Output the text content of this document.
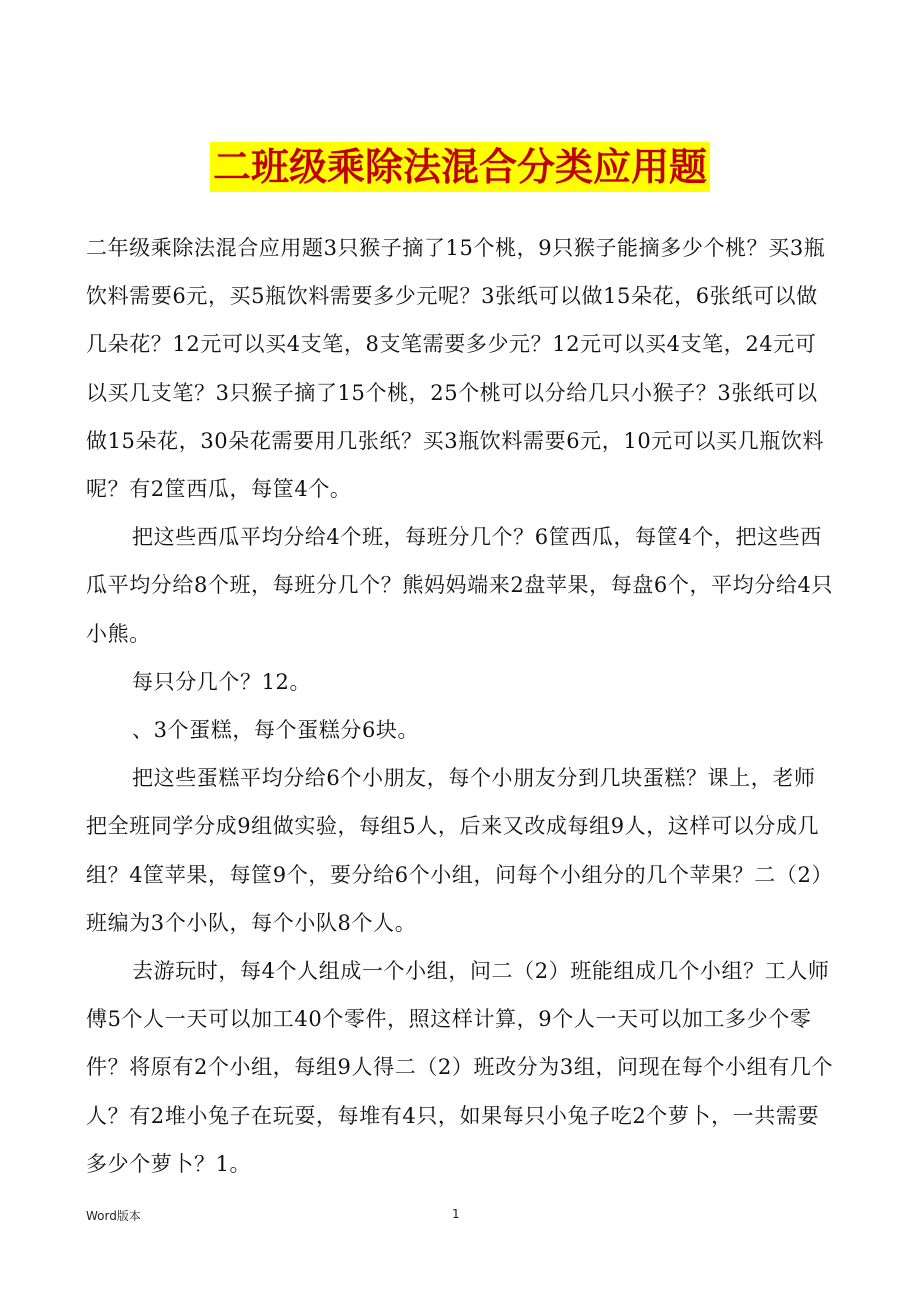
二班级乘除法混合分类应用题

二年级乘除法混合应用题3只猴子摘了15个桃，9只猴子能摘多少个桃？买3瓶饮料需要6元，买5瓶饮料需要多少元呢？3张纸可以做15朵花，6张纸可以做几朵花？12元可以买4支笔，8支笔需要多少元？12元可以买4支笔，24元可以买几支笔？3只猴子摘了15个桃，25个桃可以分给几只小猴子？3张纸可以做15朵花，30朵花需要用几张纸？买3瓶饮料需要6元，10元可以买几瓶饮料呢？有2筐西瓜，每筐4个。

把这些西瓜平均分给4个班，每班分几个？6筐西瓜，每筐4个，把这些西瓜平均分给8个班，每班分几个？熊妈妈端来2盘苹果，每盘6个，平均分给4只小熊。

每只分几个？12。

、3个蛋糕，每个蛋糕分6块。

把这些蛋糕平均分给6个小朋友，每个小朋友分到几块蛋糕？课上，老师把全班同学分成9组做实验，每组5人，后来又改成每组9人，这样可以分成几组？4筐苹果，每筐9个，要分给6个小组，问每个小组分的几个苹果？二（2）班编为3个小队，每个小队8个人。

去游玩时，每4个人组成一个小组，问二（2）班能组成几个小组？工人师傅5个人一天可以加工40个零件，照这样计算，9个人一天可以加工多少个零件？将原有2个小组，每组9人得二（2）班改分为3组，问现在每个小组有几个人？有2堆小兔子在玩耍，每堆有4只，如果每只小兔子吃2个萝卜，一共需要多少个萝卜？1。

Word版本	1
